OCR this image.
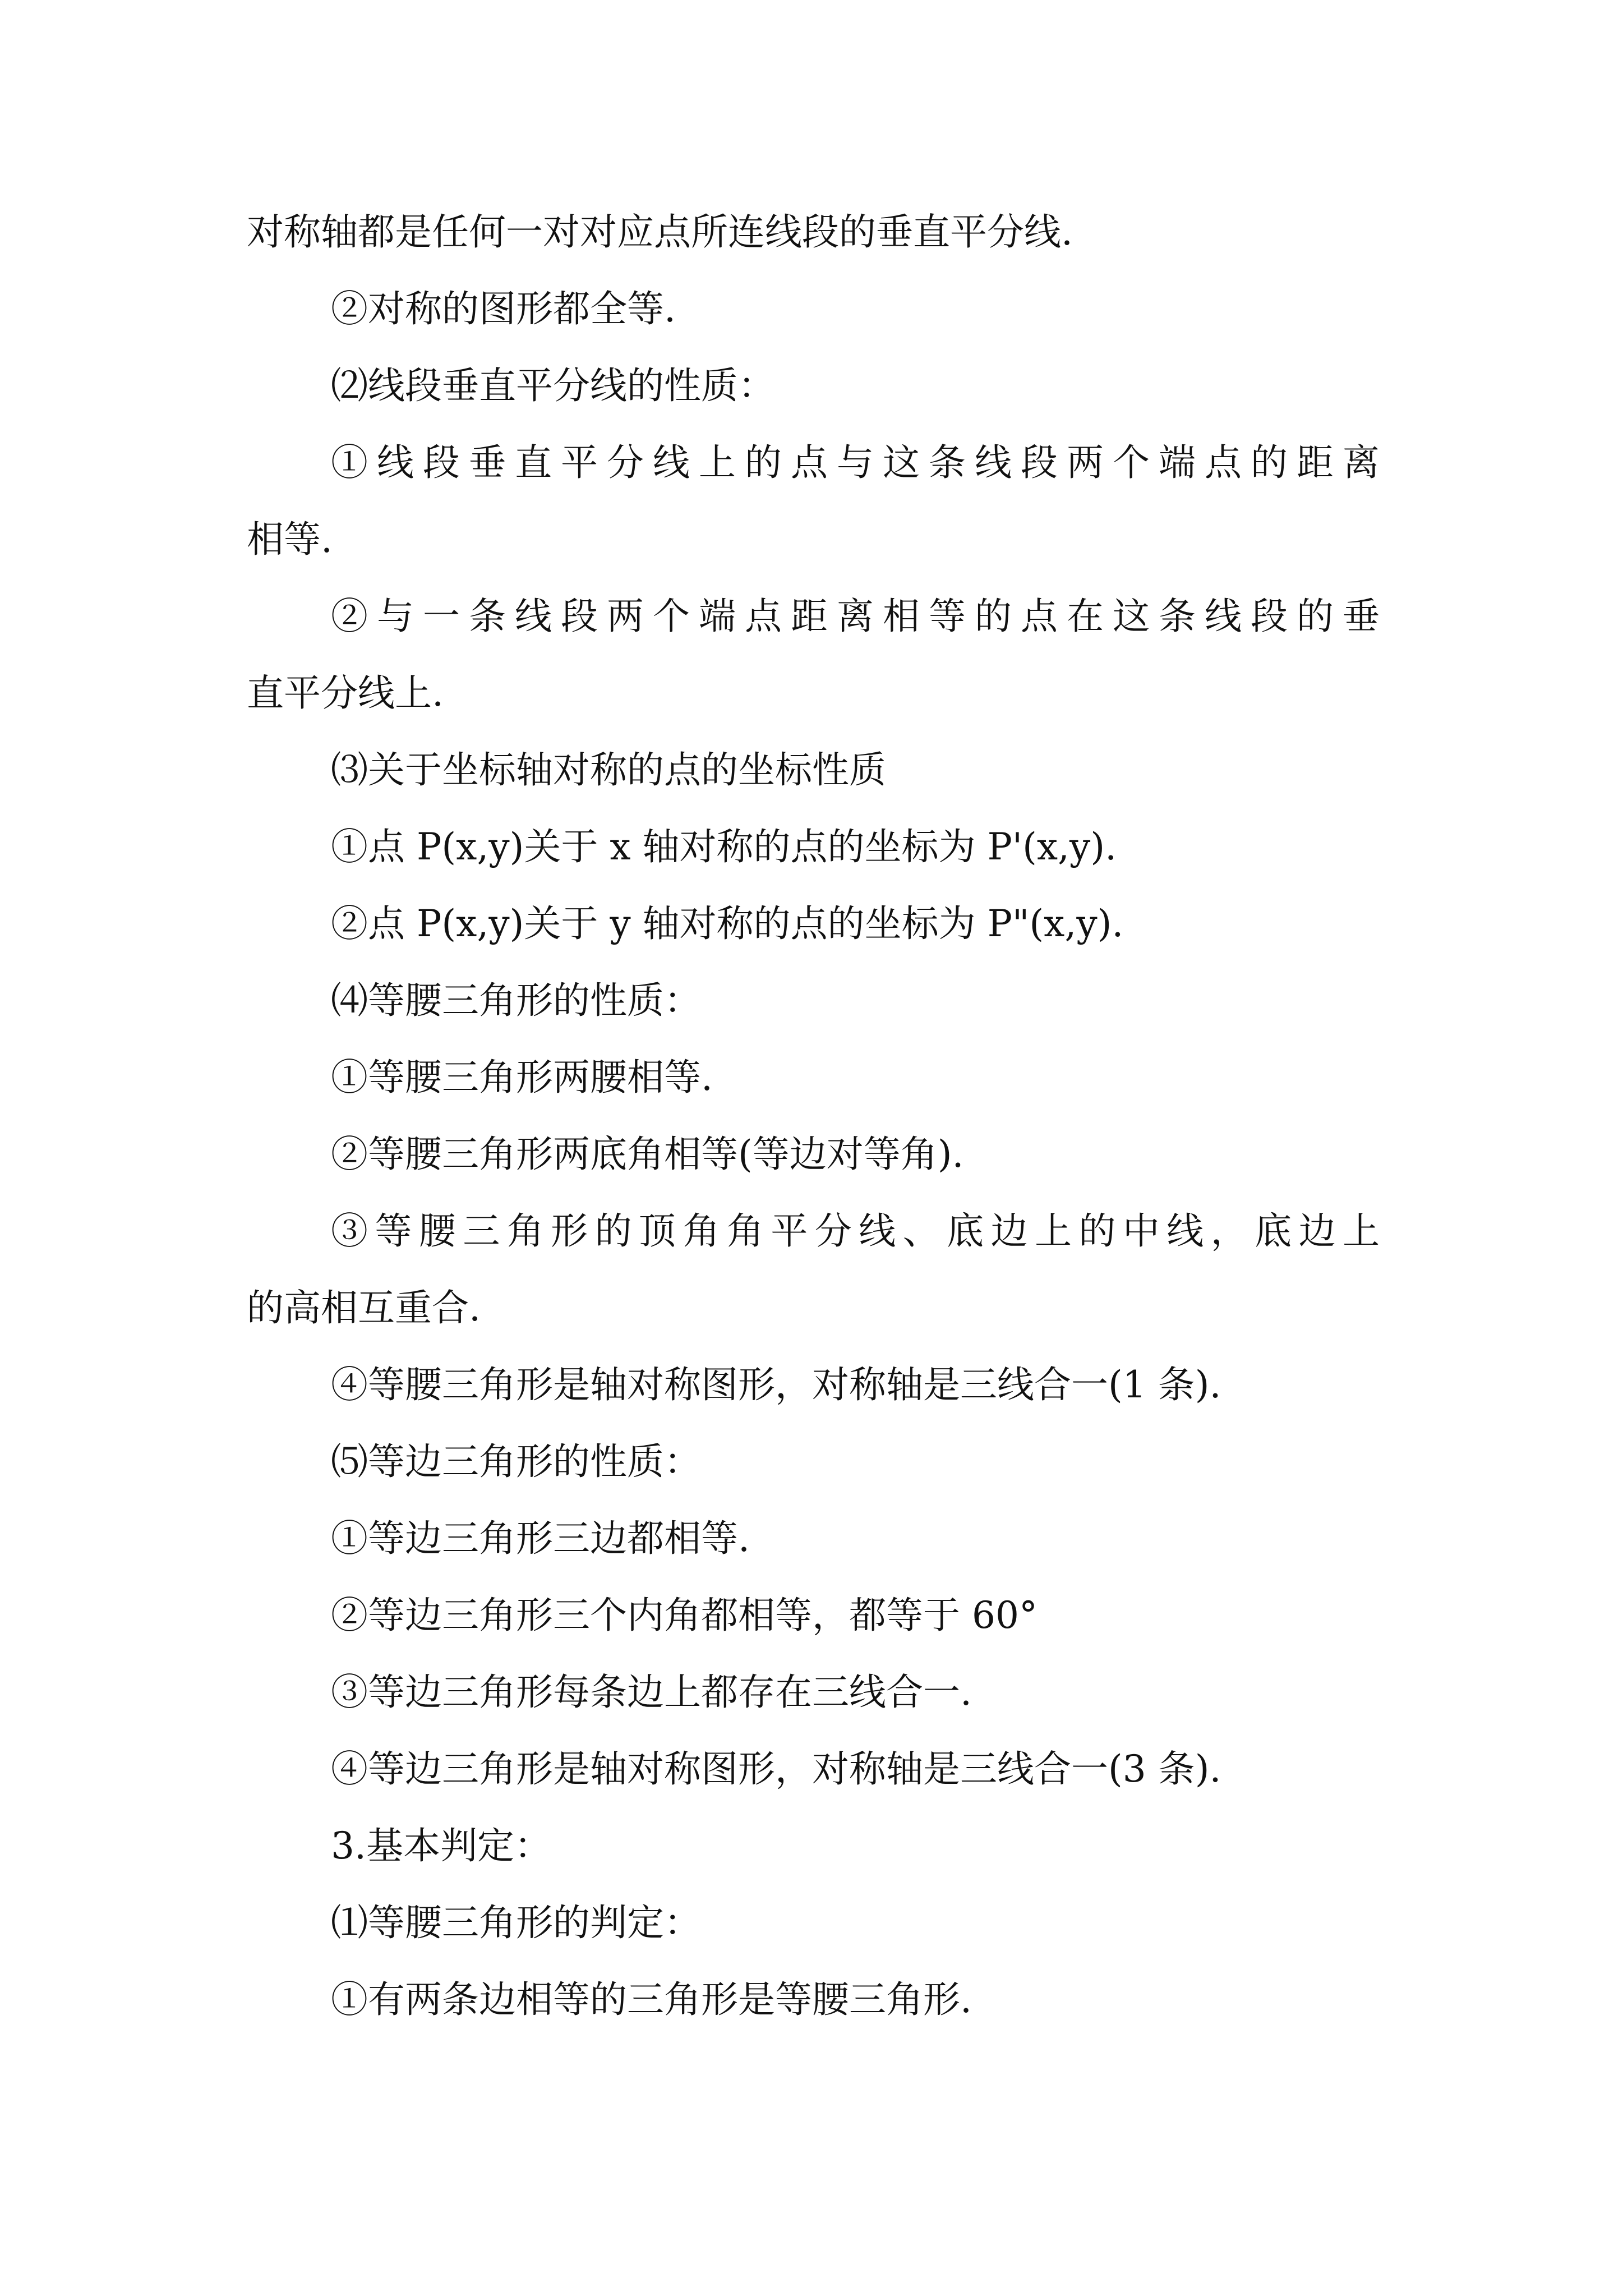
对称轴都是任何一对对应点所连线段的垂直平分线.
②对称的图形都全等.
⑵线段垂直平分线的性质：
①线段垂直平分线上的点与这条线段两个端点的距离
相等.
②与一条线段两个端点距离相等的点在这条线段的垂
直平分线上.
⑶关于坐标轴对称的点的坐标性质
①点 P(x,y)关于 x 轴对称的点的坐标为 P'(x,y).
②点 P(x,y)关于 y 轴对称的点的坐标为 P"(x,y).
⑷等腰三角形的性质：
①等腰三角形两腰相等.
②等腰三角形两底角相等(等边对等角).
③等腰三角形的顶角角平分线、底边上的中线，底边上
的高相互重合.
④等腰三角形是轴对称图形，对称轴是三线合一(1 条).
⑸等边三角形的性质：
①等边三角形三边都相等.
②等边三角形三个内角都相等，都等于 60°
③等边三角形每条边上都存在三线合一.
④等边三角形是轴对称图形，对称轴是三线合一(3 条).
3.基本判定：
⑴等腰三角形的判定：
①有两条边相等的三角形是等腰三角形.
